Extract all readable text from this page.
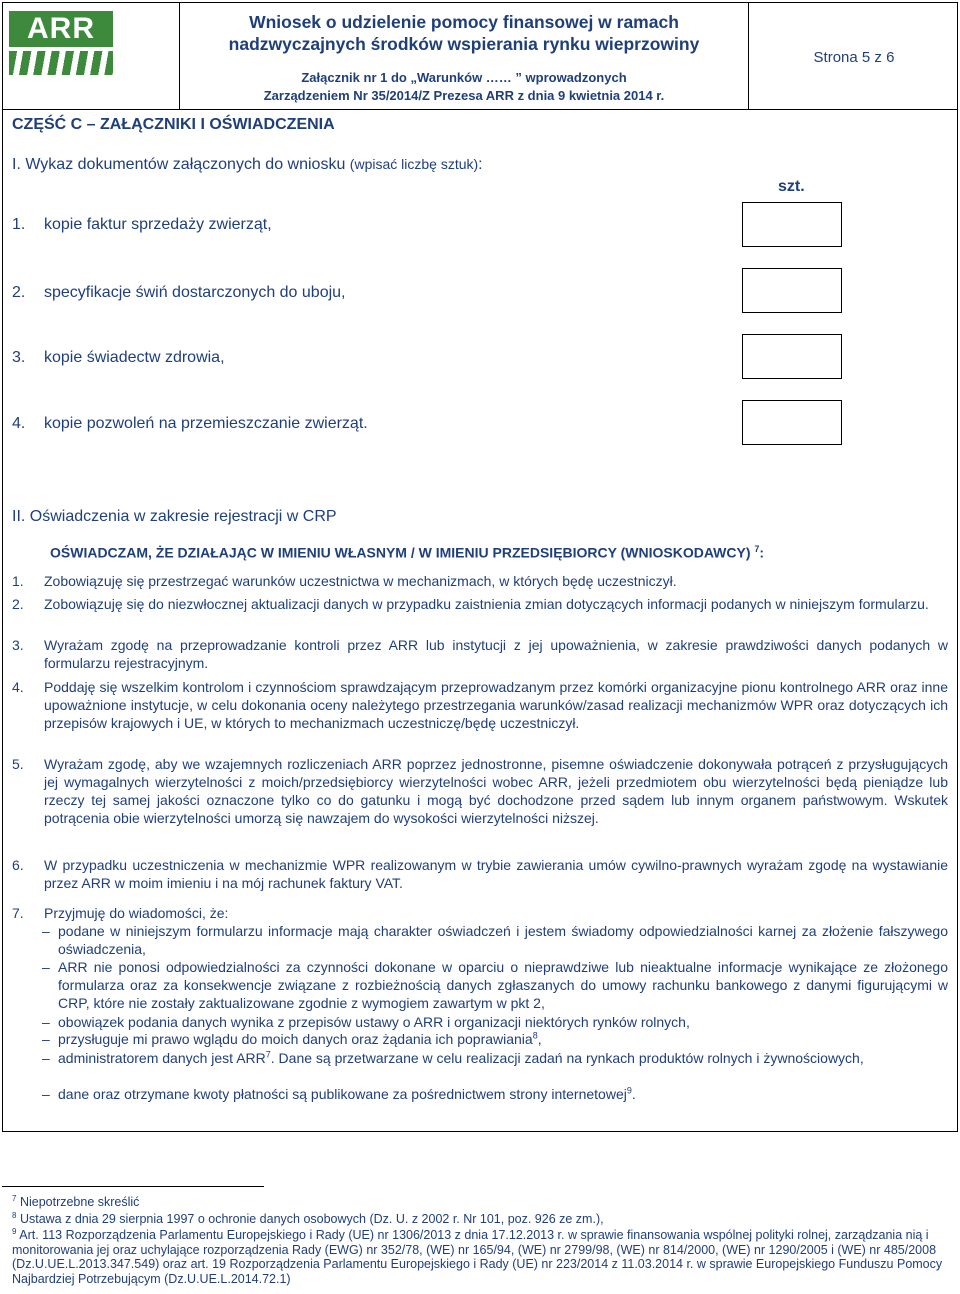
ARR	Wniosek o udzielenie pomocy finansowej w ramach
nadzwyczajnych środków wspierania rynku wieprzowiny
Załącznik nr 1 do „Warunków …… ” wprowadzonych
Zarządzeniem Nr 35/2014/Z Prezesa ARR z dnia 9 kwietnia 2014 r.
Strona 5 z 6
CZĘŚĆ C – ZAŁĄCZNIKI I OŚWIADCZENIA
I. Wykaz dokumentów załączonych do wniosku (wpisać liczbę sztuk):
szt.
1. kopie faktur sprzedaży zwierząt,
2. specyfikacje świń dostarczonych do uboju,
3. kopie świadectw zdrowia,
4. kopie pozwoleń na przemieszczanie zwierząt.
II. Oświadczenia w zakresie rejestracji w CRP
OŚWIADCZAM, ŻE DZIAŁAJĄC W IMIENIU WŁASNYM / W IMIENIU PRZEDSIĘBIORCY (WNIOSKODAWCY) $^7$:
1. Zobowiązuję się przestrzegać warunków uczestnictwa w mechanizmach, w których będę uczestniczył.
2. Zobowiązuję się do niezwłocznej aktualizacji danych w przypadku zaistnienia zmian dotyczących informacji podanych w niniejszym formularzu.
3. Wyrażam zgodę na przeprowadzanie kontroli przez ARR lub instytucji z jej upoważnienia, w zakresie prawdziwości danych podanych w formularzu rejestracyjnym.
4. Poddaję się wszelkim kontrolom i czynnościom sprawdzającym przeprowadzanym przez komórki organizacyjne pionu kontrolnego ARR oraz inne upoważnione instytucje, w celu dokonania oceny należytego przestrzegania warunków/zasad realizacji mechanizmów WPR oraz dotyczących ich przepisów krajowych i UE, w których to mechanizmach uczestniczę/będę uczestniczył.
5. Wyrażam zgodę, aby we wzajemnych rozliczeniach ARR poprzez jednostronne, pisemne oświadczenie dokonywała potrąceń z przysługujących jej wymagalnych wierzytelności z moich/przedsiębiorcy wierzytelności wobec ARR, jeżeli przedmiotem obu wierzytelności będą pieniądze lub rzeczy tej samej jakości oznaczone tylko co do gatunku i mogą być dochodzone przed sądem lub innym organem państwowym. Wskutek potrącenia obie wierzytelności umorzą się nawzajem do wysokości wierzytelności niższej.
6. W przypadku uczestniczenia w mechanizmie WPR realizowanym w trybie zawierania umów cywilno-prawnych wyrażam zgodę na wystawianie przez ARR w moim imieniu i na mój rachunek faktury VAT.
7. Przyjmuję do wiadomości, że:
– podane w niniejszym formularzu informacje mają charakter oświadczeń i jestem świadomy odpowiedzialności karnej za złożenie fałszywego oświadczenia,
– ARR nie ponosi odpowiedzialności za czynności dokonane w oparciu o nieprawdziwe lub nieaktualne informacje wynikające ze złożonego formularza oraz za konsekwencje związane z rozbieżnością danych zgłaszanych do umowy rachunku bankowego z danymi figurującymi w CRP, które nie zostały zaktualizowane zgodnie z wymogiem zawartym w pkt 2,
– obowiązek podania danych wynika z przepisów ustawy o ARR i organizacji niektórych rynków rolnych,
– przysługuje mi prawo wglądu do moich danych oraz żądania ich poprawiania$^8$,
– administratorem danych jest ARR$^7$. Dane są przetwarzane w celu realizacji zadań na rynkach produktów rolnych i żywnościowych,
– dane oraz otrzymane kwoty płatności są publikowane za pośrednictwem strony internetowej$^9$.
$^7$ Niepotrzebne skreślić
$^8$ Ustawa z dnia 29 sierpnia 1997 o ochronie danych osobowych (Dz. U. z 2002 r. Nr 101, poz. 926 ze zm.),
$^9$ Art. 113 Rozporządzenia Parlamentu Europejskiego i Rady (UE) nr 1306/2013 z dnia 17.12.2013 r. w sprawie finansowania wspólnej polityki rolnej, zarządzania nią i monitorowania jej oraz uchylające rozporządzenia Rady (EWG) nr 352/78, (WE) nr 165/94, (WE) nr 2799/98, (WE) nr 814/2000, (WE) nr 1290/2005 i (WE) nr 485/2008 (Dz.U.UE.L.2013.347.549) oraz art. 19 Rozporządzenia Parlamentu Europejskiego i Rady (UE) nr 223/2014 z 11.03.2014 r. w sprawie Europejskiego Funduszu Pomocy Najbardziej Potrzebującym (Dz.U.UE.L.2014.72.1)
